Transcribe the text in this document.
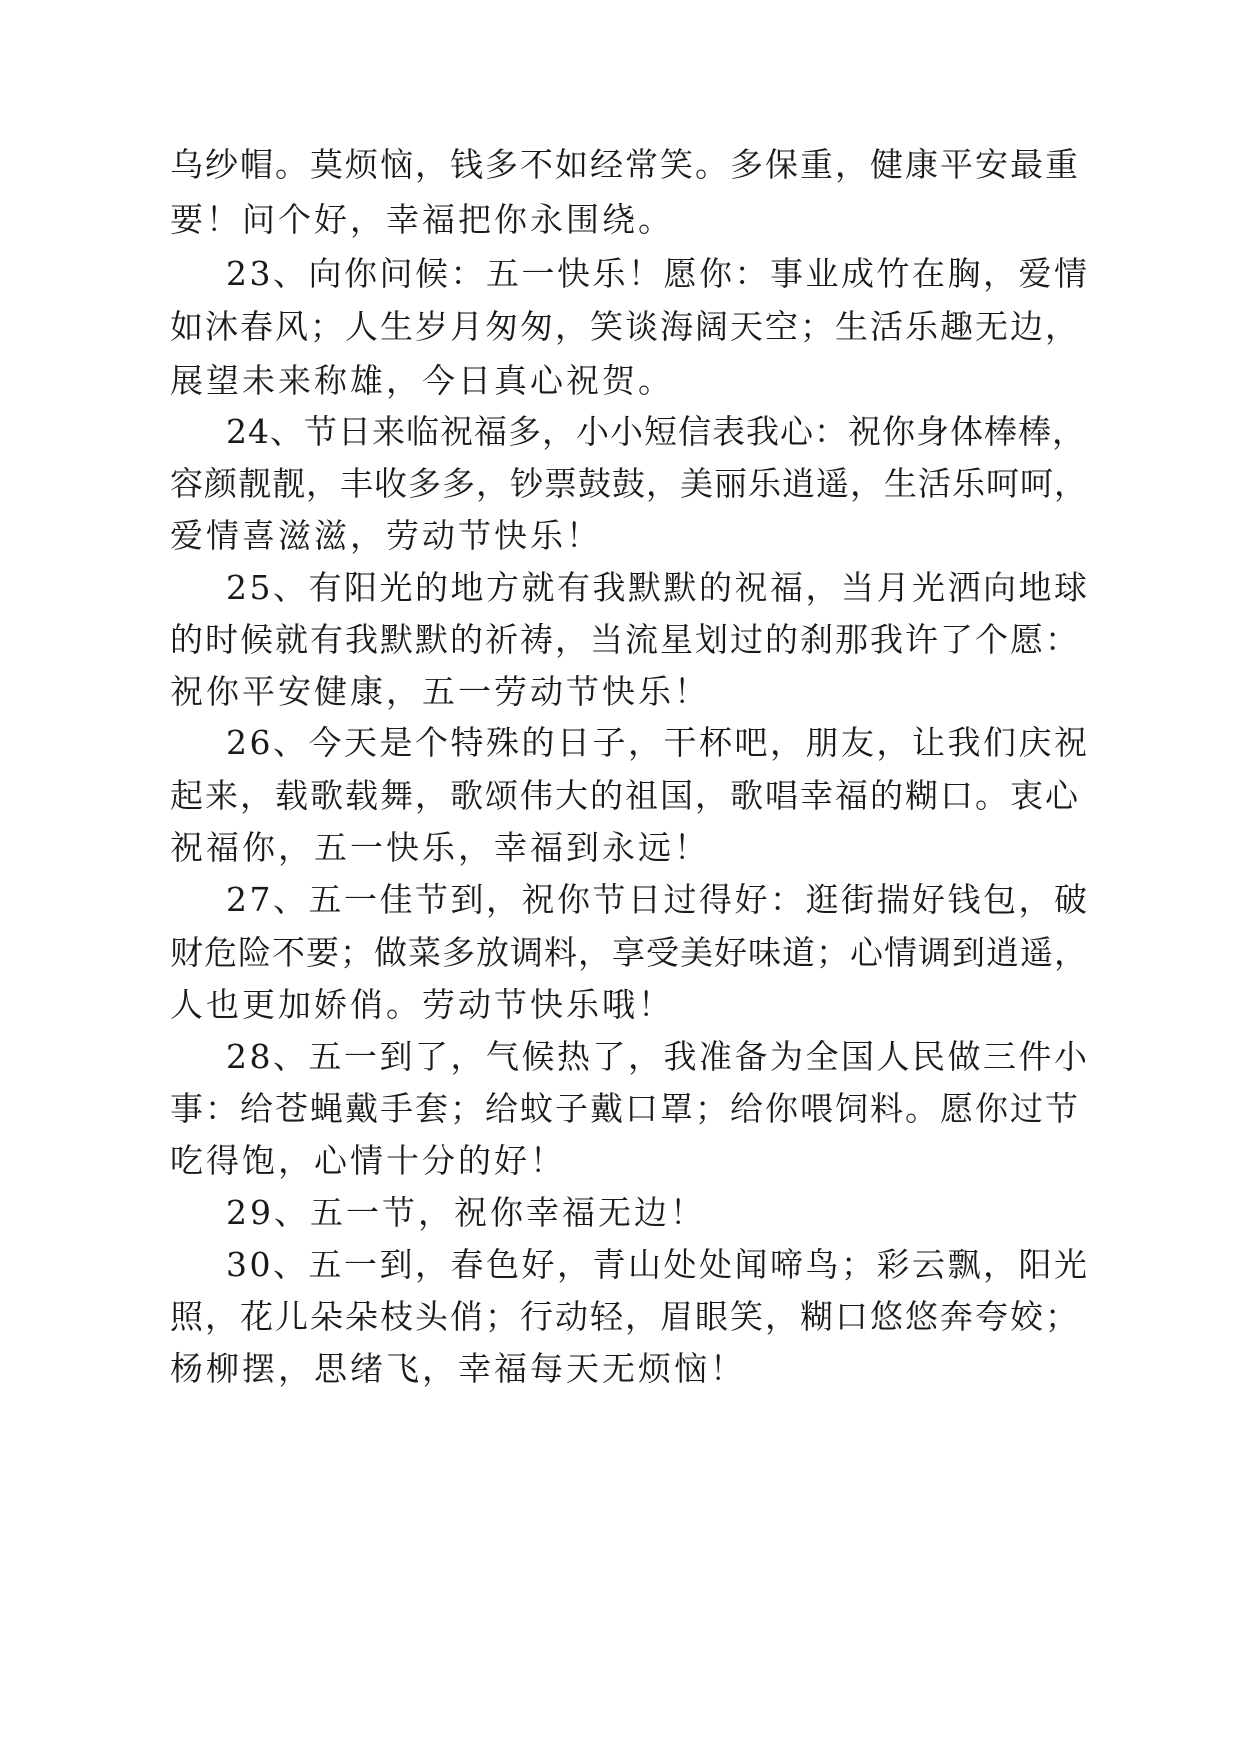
乌纱帽。莫烦恼，钱多不如经常笑。多保重，健康平安最重

要！问个好，幸福把你永围绕。

23、向你问候：五一快乐！愿你：事业成竹在胸，爱情

如沐春风；人生岁月匆匆，笑谈海阔天空；生活乐趣无边，

展望未来称雄，今日真心祝贺。

24、节日来临祝福多，小小短信表我心：祝你身体棒棒，

容颜靓靓，丰收多多，钞票鼓鼓，美丽乐逍遥，生活乐呵呵，

爱情喜滋滋，劳动节快乐！

25、有阳光的地方就有我默默的祝福，当月光洒向地球

的时候就有我默默的祈祷，当流星划过的刹那我许了个愿：

祝你平安健康，五一劳动节快乐！

26、今天是个特殊的日子，干杯吧，朋友，让我们庆祝

起来，载歌载舞，歌颂伟大的祖国，歌唱幸福的糊口。衷心

祝福你，五一快乐，幸福到永远！

27、五一佳节到，祝你节日过得好：逛街揣好钱包，破

财危险不要；做菜多放调料，享受美好味道；心情调到逍遥，

人也更加娇俏。劳动节快乐哦！

28、五一到了，气候热了，我准备为全国人民做三件小

事：给苍蝇戴手套；给蚊子戴口罩；给你喂饲料。愿你过节

吃得饱，心情十分的好！

29、五一节，祝你幸福无边！

30、五一到，春色好，青山处处闻啼鸟；彩云飘，阳光

照，花儿朵朵枝头俏；行动轻，眉眼笑，糊口悠悠奔夸姣；

杨柳摆，思绪飞，幸福每天无烦恼！
